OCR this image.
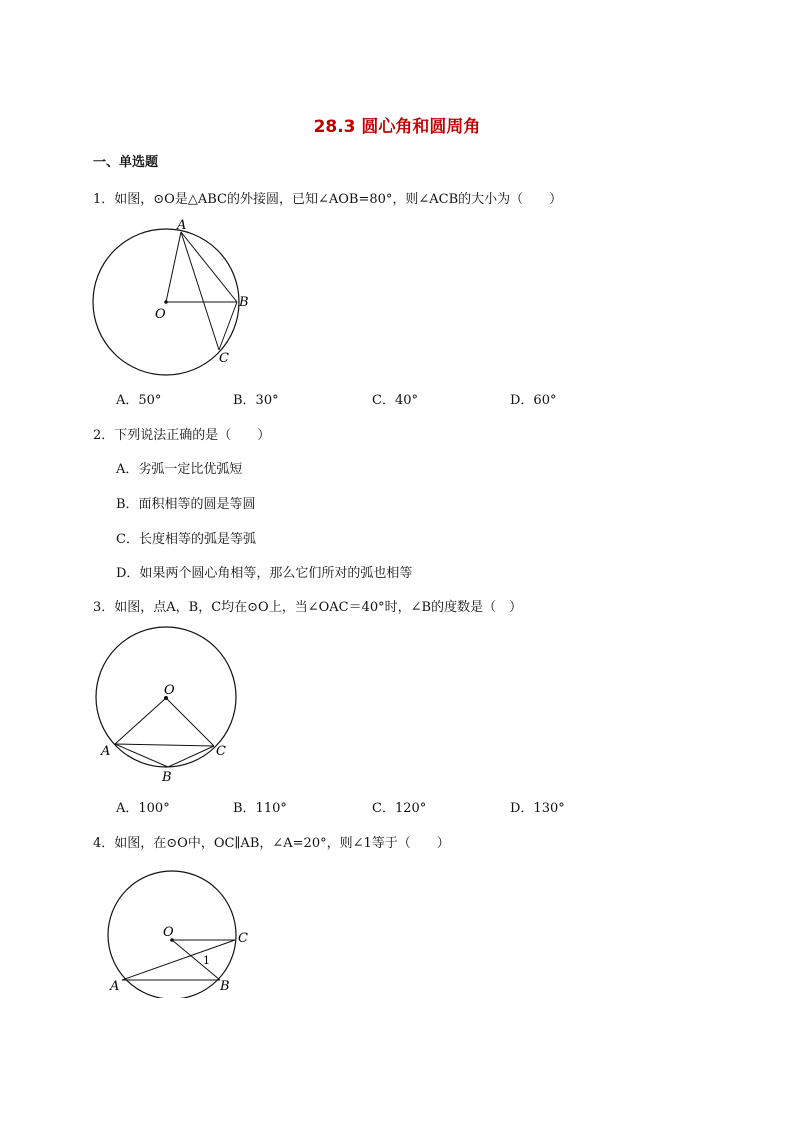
28.3 圆心角和圆周角
一、单选题
1．如图，⊙O是△ABC的外接圆，已知∠AOB=80°，则∠ACB的大小为（　　）
A
B
C
O
A．50°	B．30°	C．40°	D．60°
2．下列说法正确的是（　　）
A．劣弧一定比优弧短
B．面积相等的圆是等圆
C．长度相等的弧是等弧
D．如果两个圆心角相等，那么它们所对的弧也相等
3．如图，点A，B，C均在⊙O上，当∠OAC＝40°时，∠B的度数是（　）
O
A
B
C
A．100°	B．110°	C．120°	D．130°
4．如图，在⊙O中，OC∥AB，∠A=20°，则∠1等于（　　）
O	C
A	B
1
